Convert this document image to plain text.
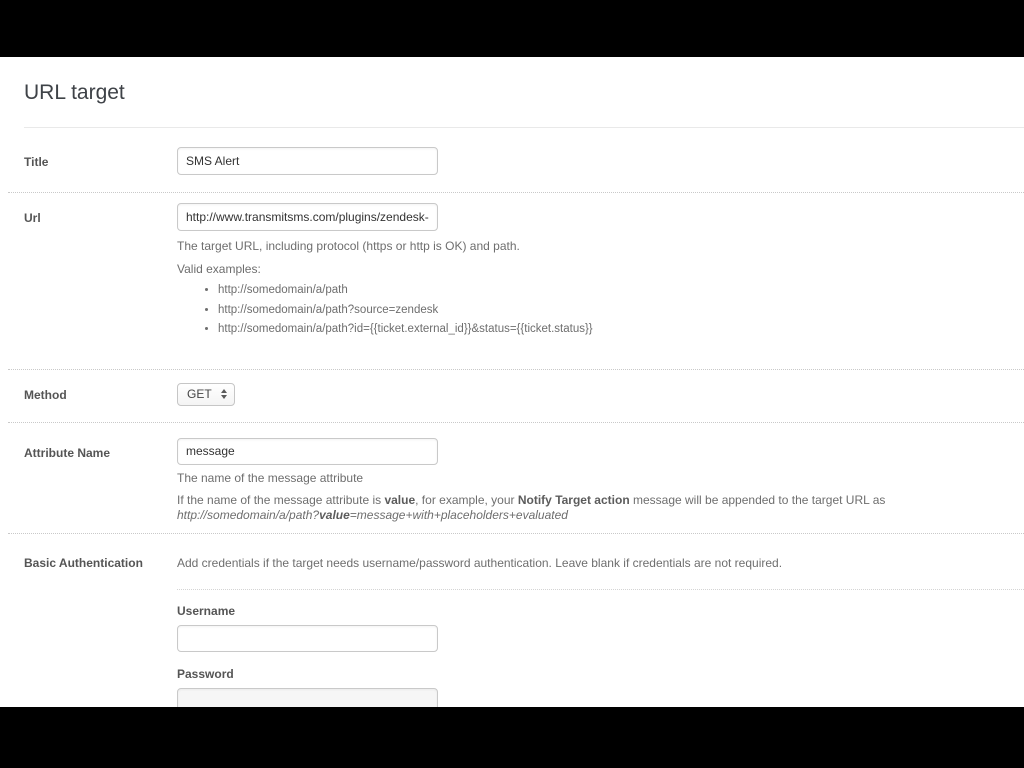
URL target
Title
SMS Alert
Url
http://www.transmitsms.com/plugins/zendesk-pro
The target URL, including protocol (https or http is OK) and path.
Valid examples:
• http://somedomain/a/path
• http://somedomain/a/path?source=zendesk
• http://somedomain/a/path?id={{ticket.external_id}}&status={{ticket.status}}
Method	GET
Attribute Name
message
The name of the message attribute
If the name of the message attribute is value, for example, your Notify Target action message will be appended to the target URL as
http://somedomain/a/path?value=message+with+placeholders+evaluated
Basic Authentication	Add credentials if the target needs username/password authentication. Leave blank if credentials are not required.
Username
Password
